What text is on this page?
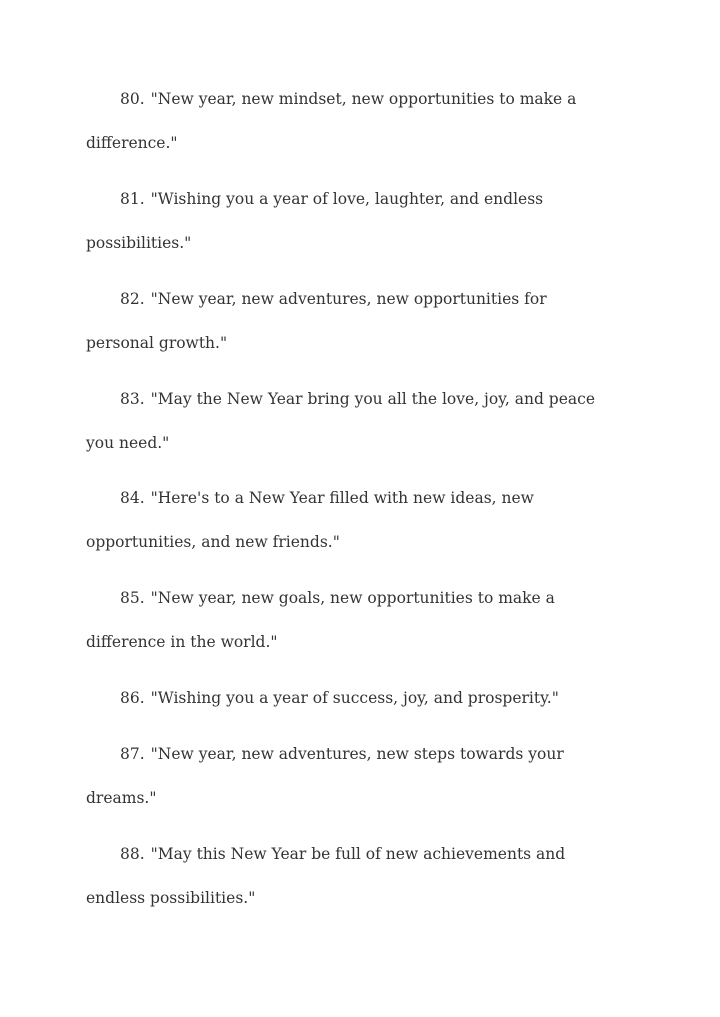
80. "New year, new mindset, new opportunities to make a
difference."

81. "Wishing you a year of love, laughter, and endless
possibilities."

82. "New year, new adventures, new opportunities for
personal growth."

83. "May the New Year bring you all the love, joy, and peace
you need."

84. "Here's to a New Year filled with new ideas, new
opportunities, and new friends."

85. "New year, new goals, new opportunities to make a
difference in the world."

86. "Wishing you a year of success, joy, and prosperity."

87. "New year, new adventures, new steps towards your
dreams."

88. "May this New Year be full of new achievements and
endless possibilities."
